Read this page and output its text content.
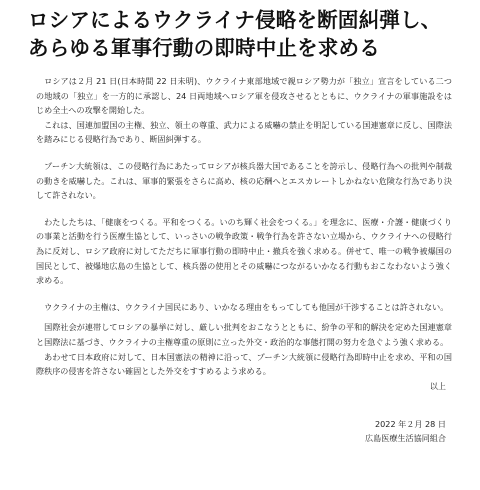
ロシアによるウクライナ侵略を断固糾弾し、
あらゆる軍事行動の即時中止を求める

ロシアは２月 21 日(日本時間 22 日未明)、ウクライナ東部地域で親ロシア勢力が「独立」宣言をしている二つの地域の「独立」を一方的に承認し、24 日両地域へロシア軍を侵攻させるとともに、ウクライナの軍事施設をはじめ全土への攻撃を開始した。

これは、国連加盟国の主権、独立、領土の尊重、武力による威嚇の禁止を明記している国連憲章に反し、国際法を踏みにじる侵略行為であり、断固糾弾する。

プーチン大統領は、この侵略行為にあたってロシアが核兵器大国であることを誇示し、侵略行為への批判や制裁の動きを威嚇した。これは、軍事的緊張をさらに高め、核の応酬へとエスカレートしかねない危険な行為であり決して許されない。

わたしたちは、「健康をつくる。平和をつくる。いのち輝く社会をつくる。」を理念に、医療・介護・健康づくりの事業と活動を行う医療生協として、いっさいの戦争政策・戦争行為を許さない立場から、ウクライナへの侵略行為に反対し、ロシア政府に対してただちに軍事行動の即時中止・撤兵を強く求める。併せて、唯一の戦争被爆国の国民として、被爆地広島の生協として、核兵器の使用とその威嚇につながるいかなる行動もおこなわないよう強く求める。

ウクライナの主権は、ウクライナ国民にあり、いかなる理由をもってしても他国が干渉することは許されない。

国際社会が連帯してロシアの暴挙に対し、厳しい批判をおこなうとともに、紛争の平和的解決を定めた国連憲章と国際法に基づき、ウクライナの主権尊重の原則に立った外交・政治的な事態打開の努力を急ぐよう強く求める。

あわせて日本政府に対して、日本国憲法の精神に沿って、プーチン大統領に侵略行為即時中止を求め、平和の国際秩序の侵害を許さない確固とした外交をすすめるよう求める。

以上

2022 年２月 28 日
広島医療生活協同組合
